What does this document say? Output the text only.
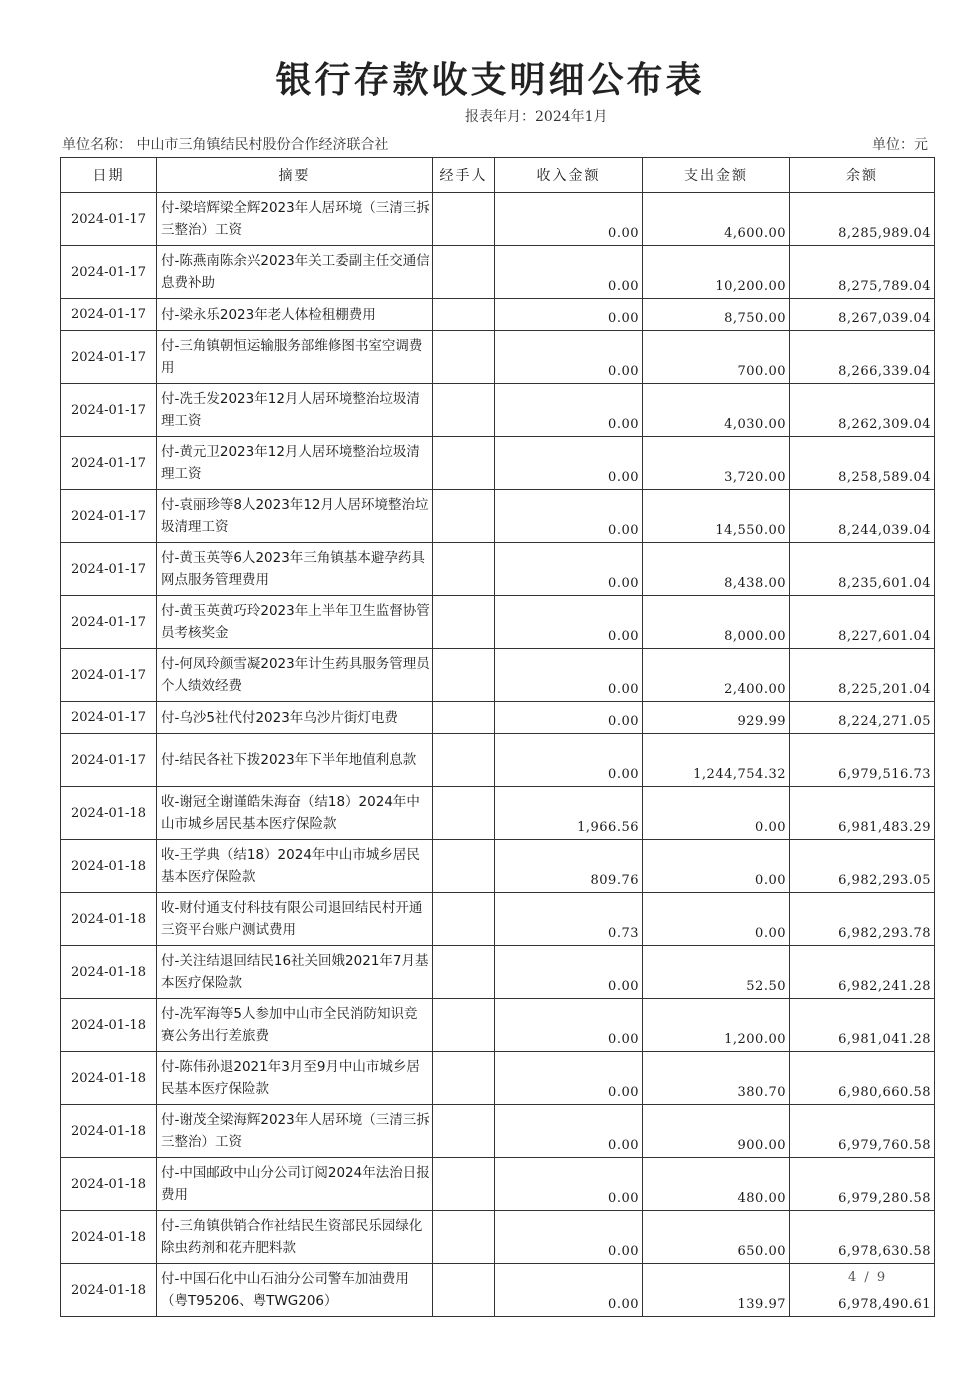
银行存款收支明细公布表
报表年月：2024年1月
单位名称： 中山市三角镇结民村股份合作经济联合社	单位：元
日期	摘要	经手人	收入金额	支出金额	余额
2024-01-17	付-梁培辉梁全辉2023年人居环境（三清三拆三整治）工资		0.00	4,600.00	8,285,989.04
2024-01-17	付-陈燕南陈余兴2023年关工委副主任交通信息费补助		0.00	10,200.00	8,275,789.04
2024-01-17	付-梁永乐2023年老人体检租棚费用		0.00	8,750.00	8,267,039.04
2024-01-17	付-三角镇朝恒运输服务部维修图书室空调费用		0.00	700.00	8,266,339.04
2024-01-17	付-冼壬发2023年12月人居环境整治垃圾清理工资		0.00	4,030.00	8,262,309.04
2024-01-17	付-黄元卫2023年12月人居环境整治垃圾清理工资		0.00	3,720.00	8,258,589.04
2024-01-17	付-袁丽珍等8人2023年12月人居环境整治垃圾清理工资		0.00	14,550.00	8,244,039.04
2024-01-17	付-黄玉英等6人2023年三角镇基本避孕药具网点服务管理费用		0.00	8,438.00	8,235,601.04
2024-01-17	付-黄玉英黄巧玲2023年上半年卫生监督协管员考核奖金		0.00	8,000.00	8,227,601.04
2024-01-17	付-何凤玲颜雪凝2023年计生药具服务管理员个人绩效经费		0.00	2,400.00	8,225,201.04
2024-01-17	付-乌沙5社代付2023年乌沙片街灯电费		0.00	929.99	8,224,271.05
2024-01-17	付-结民各社下拨2023年下半年地值利息款		0.00	1,244,754.32	6,979,516.73
2024-01-18	收-谢冠全谢谨皓朱海奋（结18）2024年中山市城乡居民基本医疗保险款		1,966.56	0.00	6,981,483.29
2024-01-18	收-王学典（结18）2024年中山市城乡居民基本医疗保险款		809.76	0.00	6,982,293.05
2024-01-18	收-财付通支付科技有限公司退回结民村开通三资平台账户测试费用		0.73	0.00	6,982,293.78
2024-01-18	付-关注结退回结民16社关回娥2021年7月基本医疗保险款		0.00	52.50	6,982,241.28
2024-01-18	付-冼军海等5人参加中山市全民消防知识竞赛公务出行差旅费		0.00	1,200.00	6,981,041.28
2024-01-18	付-陈伟孙退2021年3月至9月中山市城乡居民基本医疗保险款		0.00	380.70	6,980,660.58
2024-01-18	付-谢茂全梁海辉2023年人居环境（三清三拆三整治）工资		0.00	900.00	6,979,760.58
2024-01-18	付-中国邮政中山分公司订阅2024年法治日报费用		0.00	480.00	6,979,280.58
2024-01-18	付-三角镇供销合作社结民生资部民乐园绿化除虫药剂和花卉肥料款		0.00	650.00	6,978,630.58
2024-01-18	付-中国石化中山石油分公司警车加油费用（粤T95206、粤TWG206）		0.00	139.97	6,978,490.61
4 / 9
